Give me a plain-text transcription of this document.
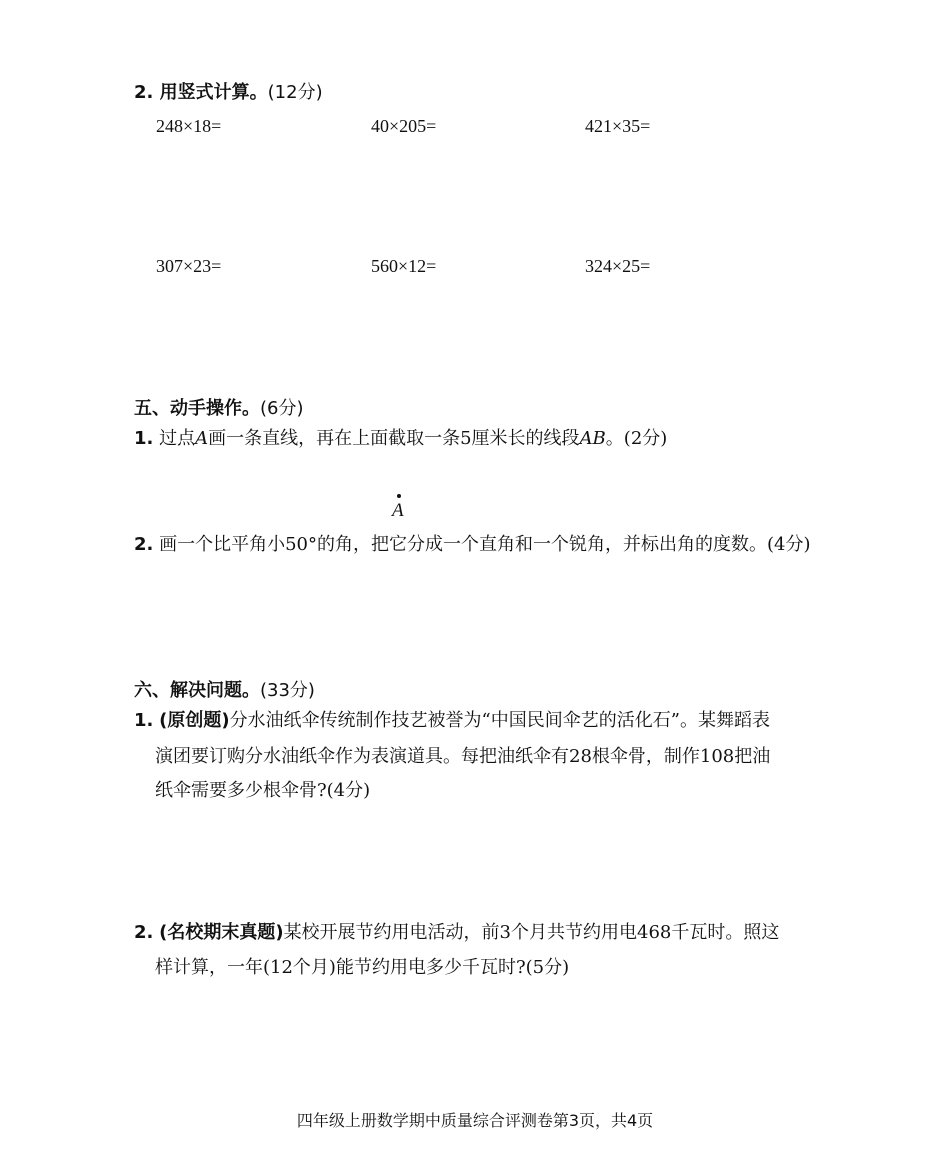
2. 用竖式计算。(12分)
248×18=	40×205=	421×35=
307×23=	560×12=	324×25=
五、动手操作。(6分)
1. 过点A画一条直线，再在上面截取一条5厘米长的线段AB。(2分)
A
2. 画一个比平角小50°的角，把它分成一个直角和一个锐角，并标出角的度数。(4分)
六、解决问题。(33分)
1. (原创题)分水油纸伞传统制作技艺被誉为“中国民间伞艺的活化石”。某舞蹈表
演团要订购分水油纸伞作为表演道具。每把油纸伞有28根伞骨，制作108把油
纸伞需要多少根伞骨?(4分)
2. (名校期末真题)某校开展节约用电活动，前3个月共节约用电468千瓦时。照这
样计算，一年(12个月)能节约用电多少千瓦时?(5分)
四年级上册数学期中质量综合评测卷第3页，共4页
